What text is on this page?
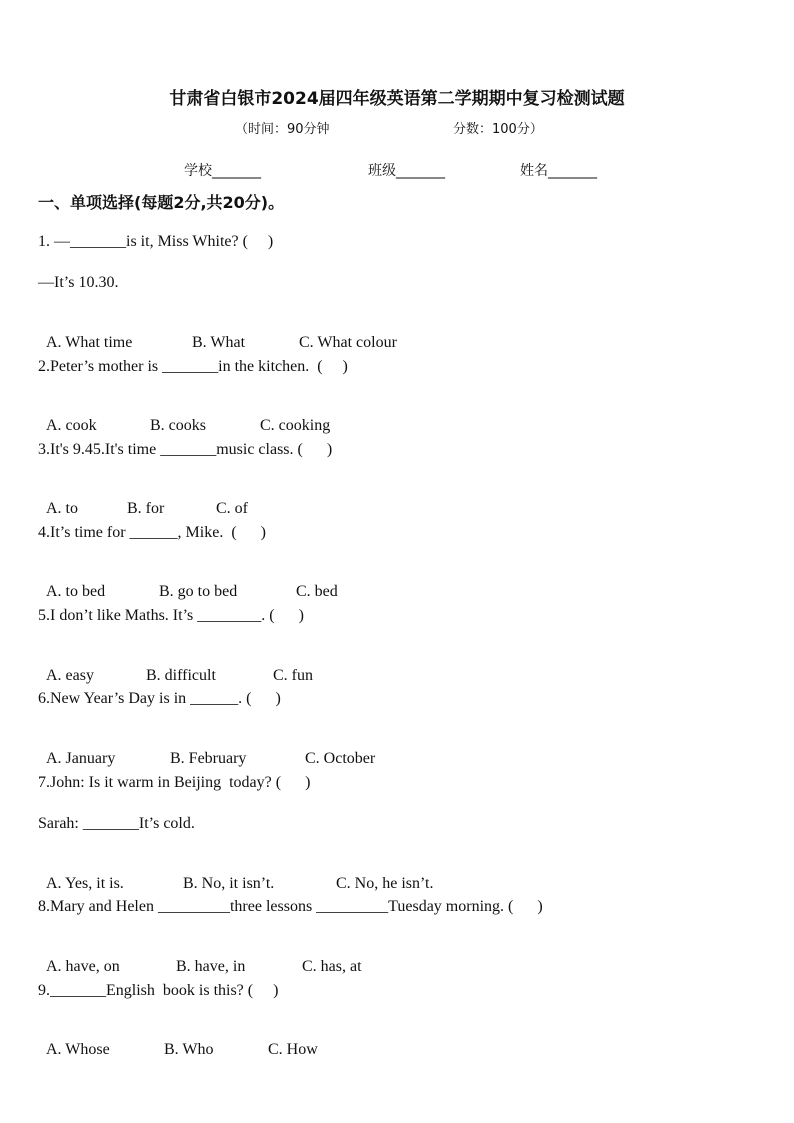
甘肃省白银市2024届四年级英语第二学期期中复习检测试题
（时间：90分钟	分数：100分）
学校_______	班级_______	姓名_______
一、单项选择(每题2分,共20分)。
1. —_______is it, Miss White? (     )
—It’s 10.30.

A. What time	B. What	C. What colour

2.Peter’s mother is _______in the kitchen.  (     )

A. cook	B. cooks	C. cooking

3.It's 9.45.It's time _______music class. (      )

A. to	B. for	C. of

4.It’s time for ______, Mike.  (      )

A. to bed	B. go to bed	C. bed

5.I don’t like Maths. It’s ________. (      )

A. easy	B. difficult	C. fun

6.New Year’s Day is in ______. (      )

A. January	B. February	C. October

7.John: Is it warm in Beijing  today? (      )
Sarah: _______It’s cold.

A. Yes, it is.	B. No, it isn’t.	C. No, he isn’t.

8.Mary and Helen _________three lessons _________Tuesday morning. (      )

A. have, on	B. have, in	C. has, at

9._______English  book is this? (     )

A. Whose	B. Who	C. How
